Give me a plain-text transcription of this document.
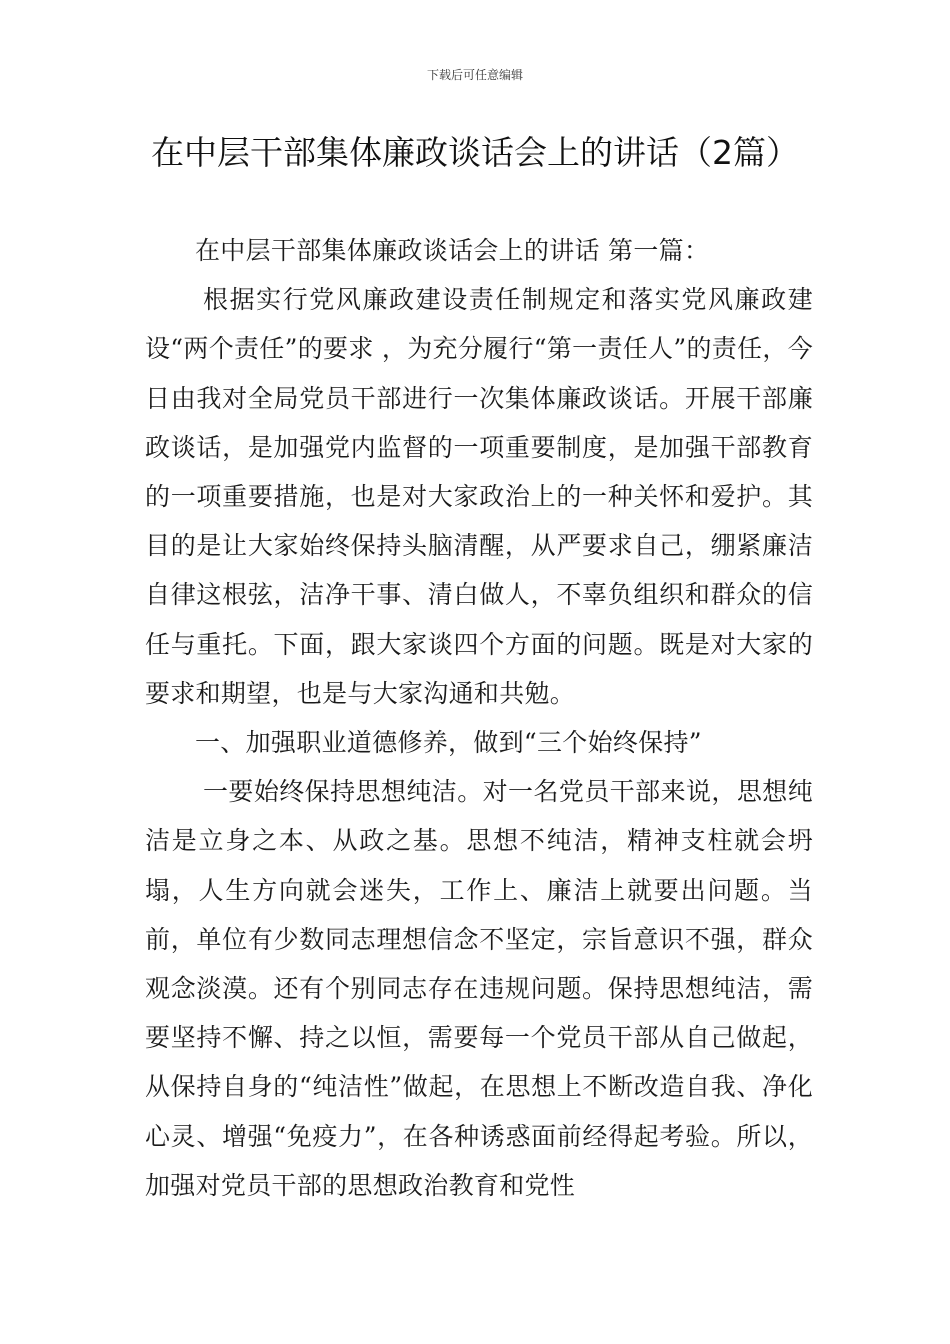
下载后可任意编辑
在中层干部集体廉政谈话会上的讲话（2篇）

在中层干部集体廉政谈话会上的讲话 第一篇：

根据实行党风廉政建设责任制规定和落实党风廉政建设“两个责任”的要求 ，为充分履行“第一责任人”的责任，今日由我对全局党员干部进行一次集体廉政谈话。开展干部廉政谈话，是加强党内监督的一项重要制度，是加强干部教育的一项重要措施，也是对大家政治上的一种关怀和爱护。其目的是让大家始终保持头脑清醒，从严要求自己，绷紧廉洁自律这根弦，洁净干事、清白做人，不辜负组织和群众的信任与重托。下面，跟大家谈四个方面的问题。既是对大家的要求和期望，也是与大家沟通和共勉。

一、加强职业道德修养，做到“三个始终保持”

一要始终保持思想纯洁。对一名党员干部来说，思想纯洁是立身之本、从政之基。思想不纯洁，精神支柱就会坍塌，人生方向就会迷失，工作上、廉洁上就要出问题。当前，单位有少数同志理想信念不坚定，宗旨意识不强，群众观念淡漠。还有个别同志存在违规问题。保持思想纯洁，需要坚持不懈、持之以恒，需要每一个党员干部从自己做起，从保持自身的“纯洁性”做起，在思想上不断改造自我、净化心灵、增强“免疫力”，在各种诱惑面前经得起考验。所以，加强对党员干部的思想政治教育和党性
